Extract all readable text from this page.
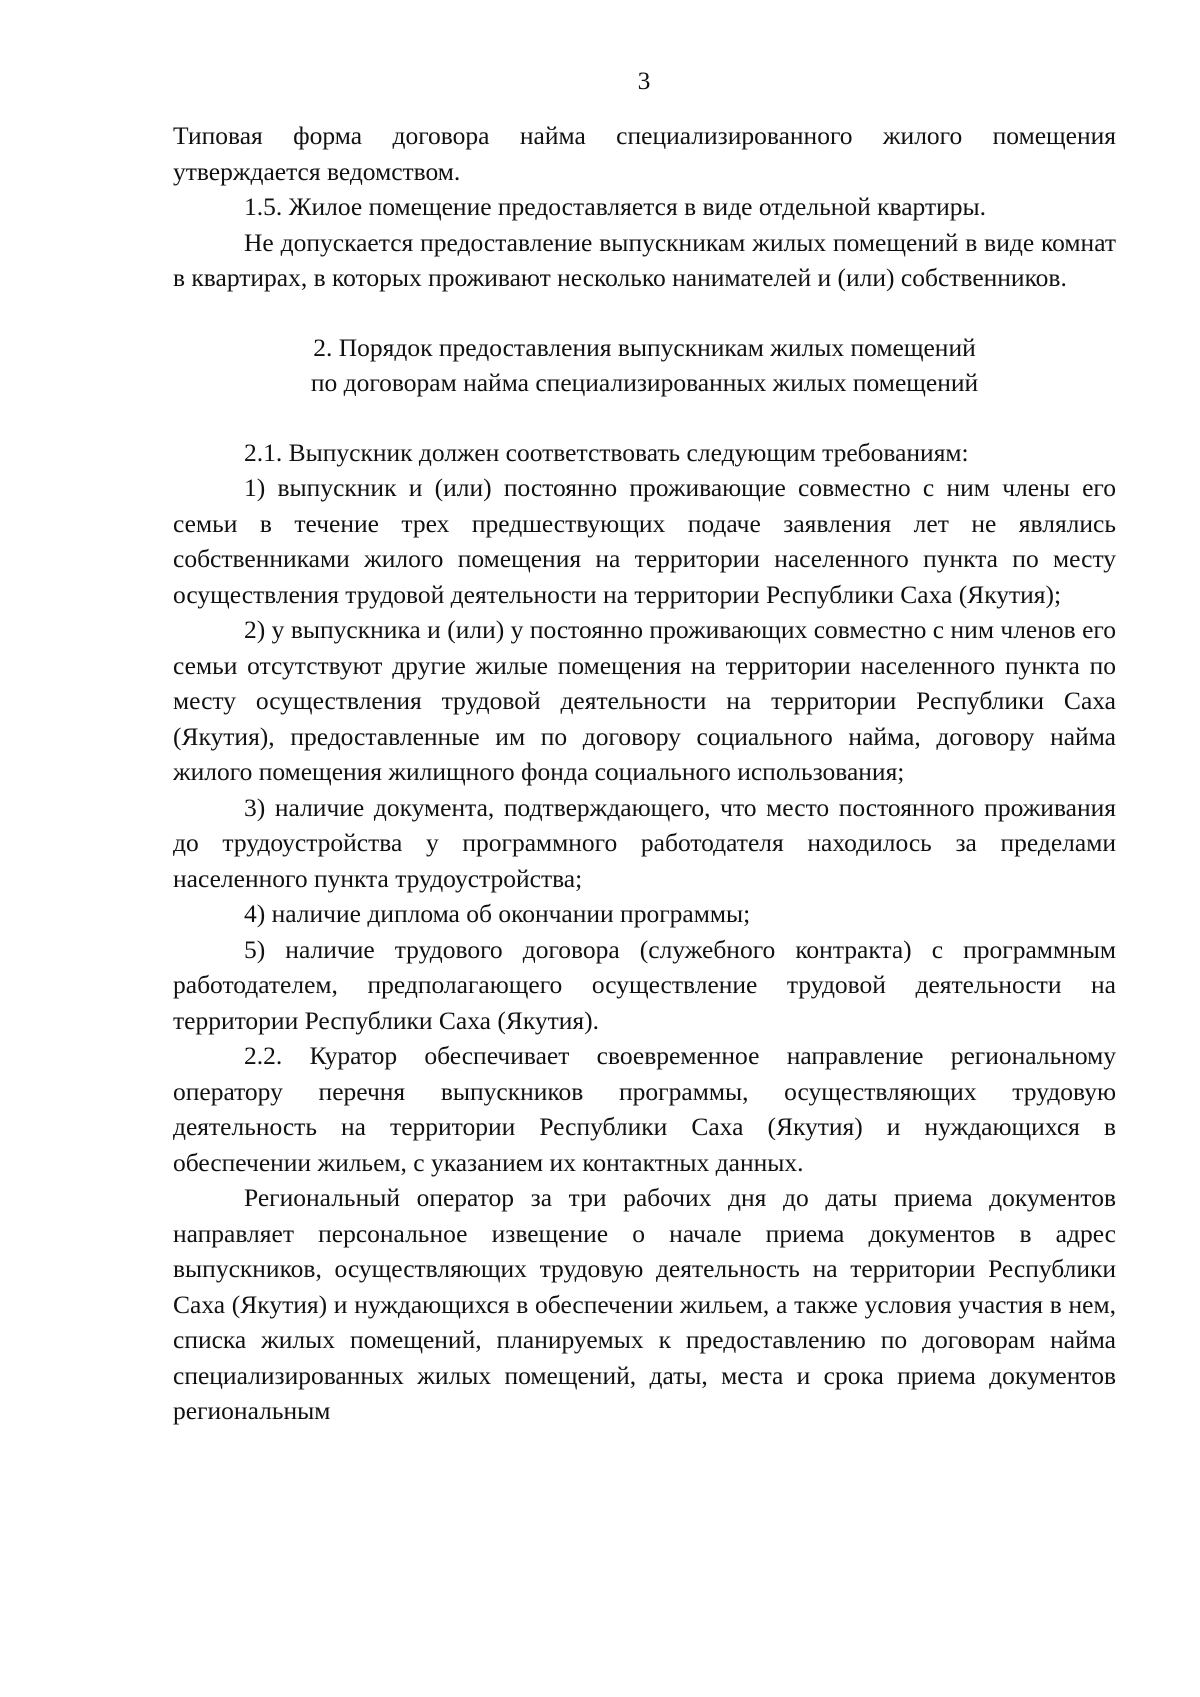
3

Типовая форма договора найма специализированного жилого помещения утверждается ведомством.

1.5. Жилое помещение предоставляется в виде отдельной квартиры.

Не допускается предоставление выпускникам жилых помещений в виде комнат в квартирах, в которых проживают несколько нанимателей и (или) собственников.

2. Порядок предоставления выпускникам жилых помещений
по договорам найма специализированных жилых помещений

2.1. Выпускник должен соответствовать следующим требованиям:

1) выпускник и (или) постоянно проживающие совместно с ним члены его семьи в течение трех предшествующих подаче заявления лет не являлись собственниками жилого помещения на территории населенного пункта по месту осуществления трудовой деятельности на территории Республики Саха (Якутия);

2) у выпускника и (или) у постоянно проживающих совместно с ним членов его семьи отсутствуют другие жилые помещения на территории населенного пункта по месту осуществления трудовой деятельности на территории Республики Саха (Якутия), предоставленные им по договору социального найма, договору найма жилого помещения жилищного фонда социального использования;

3) наличие документа, подтверждающего, что место постоянного проживания до трудоустройства у программного работодателя находилось за пределами населенного пункта трудоустройства;

4) наличие диплома об окончании программы;

5) наличие трудового договора (служебного контракта) с программным работодателем, предполагающего осуществление трудовой деятельности на территории Республики Саха (Якутия).

2.2. Куратор обеспечивает своевременное направление региональному оператору перечня выпускников программы, осуществляющих трудовую деятельность на территории Республики Саха (Якутия) и нуждающихся в обеспечении жильем, с указанием их контактных данных.

Региональный оператор за три рабочих дня до даты приема документов направляет персональное извещение о начале приема документов в адрес выпускников, осуществляющих трудовую деятельность на территории Республики Саха (Якутия) и нуждающихся в обеспечении жильем, а также условия участия в нем, списка жилых помещений, планируемых к предоставлению по договорам найма специализированных жилых помещений, даты, места и срока приема документов региональным
